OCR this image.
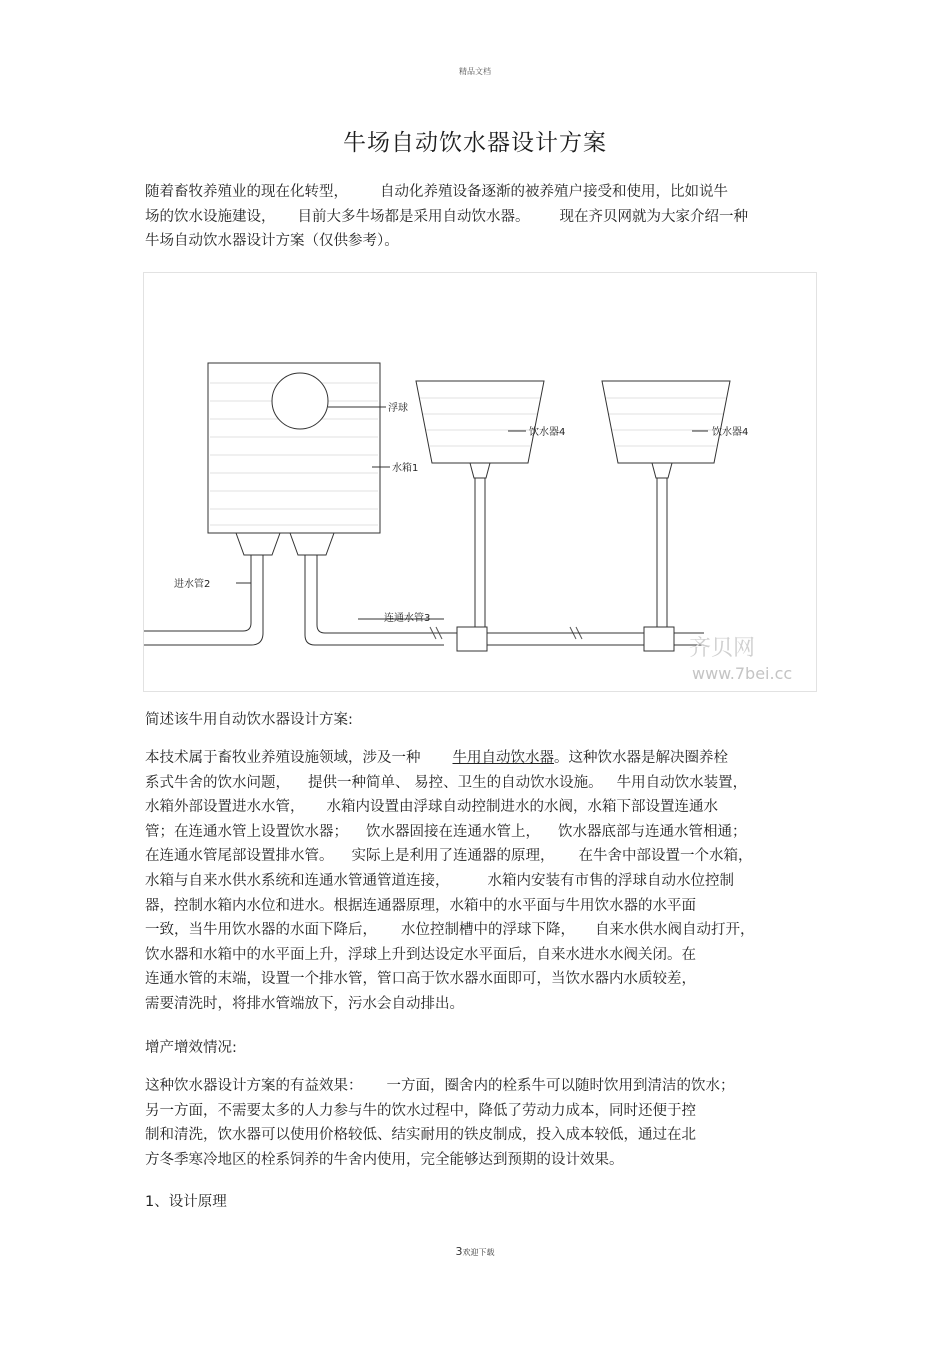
精品文档
牛场自动饮水器设计方案
随着畜牧养殖业的现在化转型， 自动化养殖设备逐渐的被养殖户接受和使用，比如说牛
场的饮水设施建设， 目前大多牛场都是采用自动饮水器。 现在齐贝网就为大家介绍一种
牛场自动饮水器设计方案（仅供参考）。
浮球
水箱1
饮水器4	饮水器4
进水管2
连通水管3
齐贝网
www.7bei.cc
简述该牛用自动饮水器设计方案:
本技术属于畜牧业养殖设施领域，涉及一种 牛用自动饮水器。这种饮水器是解决圈养栓
系式牛舍的饮水问题， 提供一种简单、 易控、卫生的自动饮水设施。 牛用自动饮水装置，
水箱外部设置进水水管， 水箱内设置由浮球自动控制进水的水阀，水箱下部设置连通水
管；在连通水管上设置饮水器； 饮水器固接在连通水管上， 饮水器底部与连通水管相通；
在连通水管尾部设置排水管。 实际上是利用了连通器的原理， 在牛舍中部设置一个水箱，
水箱与自来水供水系统和连通水管通管道连接，	水箱内安装有市售的浮球自动水位控制
器，控制水箱内水位和进水。根据连通器原理，水箱中的水平面与牛用饮水器的水平面
一致，当牛用饮水器的水面下降后， 水位控制槽中的浮球下降， 自来水供水阀自动打开，
饮水器和水箱中的水平面上升，浮球上升到达设定水平面后，自来水进水水阀关闭。在
连通水管的末端，设置一个排水管，管口高于饮水器水面即可，当饮水器内水质较差，
需要清洗时，将排水管端放下，污水会自动排出。
增产增效情况:
这种饮水器设计方案的有益效果： 一方面，圈舍内的栓系牛可以随时饮用到清洁的饮水；
另一方面，不需要太多的人力参与牛的饮水过程中，降低了劳动力成本，同时还便于控
制和清洗，饮水器可以使用价格较低、结实耐用的铁皮制成，投入成本较低，通过在北
方冬季寒冷地区的栓系饲养的牛舍内使用，完全能够达到预期的设计效果。
1、设计原理
3欢迎下载
